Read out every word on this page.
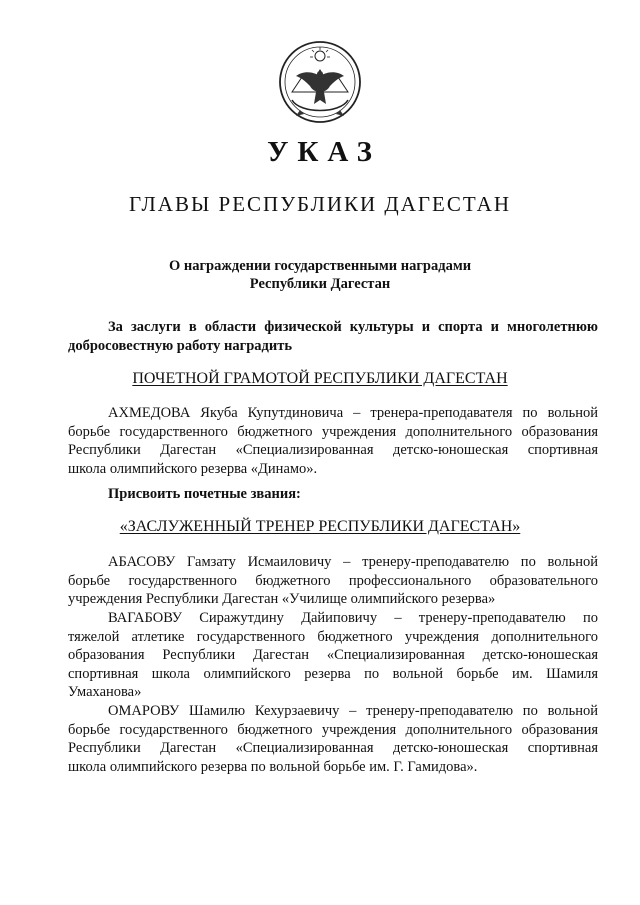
УКАЗ
ГЛАВЫ РЕСПУБЛИКИ ДАГЕСТАН
О награждении государственными наградами
Республики Дагестан
За заслуги в области физической культуры и спорта и многолетнюю
добросовестную работу наградить
ПОЧЕТНОЙ ГРАМОТОЙ РЕСПУБЛИКИ ДАГЕСТАН
АХМЕДОВА Якуба Купутдиновича – тренера-преподавателя по вольной
борьбе государственного бюджетного учреждения дополнительного образования
Республики Дагестан «Специализированная детско-юношеская спортивная
школа олимпийского резерва «Динамо».
Присвоить почетные звания:
«ЗАСЛУЖЕННЫЙ ТРЕНЕР РЕСПУБЛИКИ ДАГЕСТАН»
АБАСОВУ Гамзату Исмаиловичу – тренеру-преподавателю по вольной
борьбе государственного бюджетного профессионального образовательного
учреждения Республики Дагестан «Училище олимпийского резерва»
ВАГАБОВУ Сиражутдину Дайиповичу – тренеру-преподавателю по
тяжелой атлетике государственного бюджетного учреждения дополнительного
образования Республики Дагестан «Специализированная детско-юношеская
спортивная школа олимпийского резерва по вольной борьбе им. Шамиля
Умаханова»
ОМАРОВУ Шамилю Кехурзаевичу – тренеру-преподавателю по вольной
борьбе государственного бюджетного учреждения дополнительного образования
Республики Дагестан «Специализированная детско-юношеская спортивная
школа олимпийского резерва по вольной борьбе им. Г. Гамидова».
